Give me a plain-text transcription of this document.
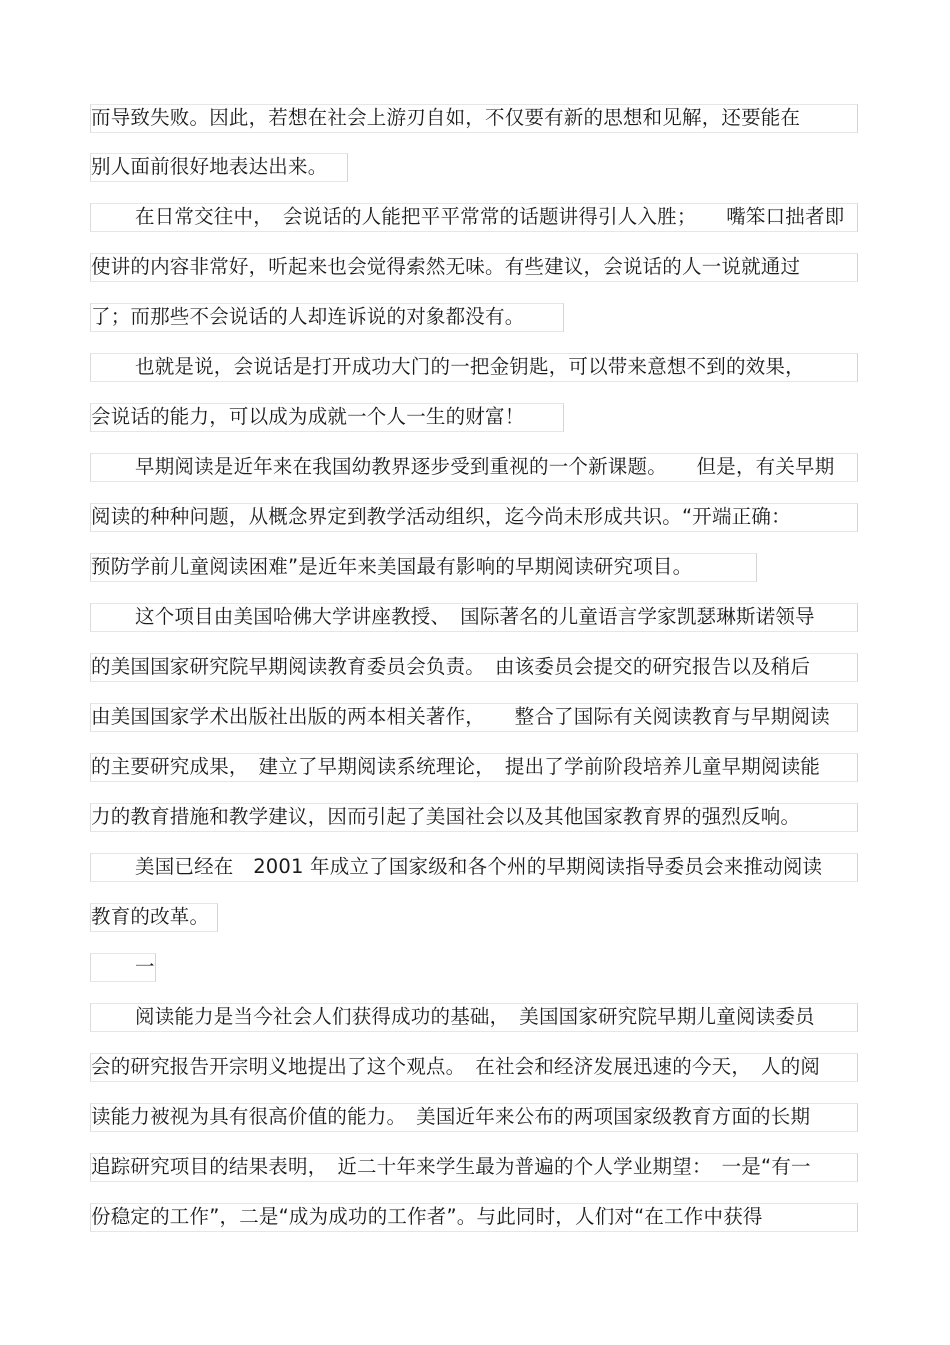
而导致失败。因此，若想在社会上游刃自如，不仅要有新的思想和见解，还要能在
别人面前很好地表达出来。
在日常交往中，　会说话的人能把平平常常的话题讲得引人入胜；　　嘴笨口拙者即
使讲的内容非常好，听起来也会觉得索然无味。有些建议，会说话的人一说就通过
了；而那些不会说话的人却连诉说的对象都没有。
也就是说，会说话是打开成功大门的一把金钥匙，可以带来意想不到的效果，
会说话的能力，可以成为成就一个人一生的财富！
早期阅读是近年来在我国幼教界逐步受到重视的一个新课题。　　但是，有关早期
阅读的种种问题，从概念界定到教学活动组织，迄今尚未形成共识。“开端正确：
预防学前儿童阅读困难”是近年来美国最有影响的早期阅读研究项目。
这个项目由美国哈佛大学讲座教授、　国际著名的儿童语言学家凯瑟琳斯诺领导
的美国国家研究院早期阅读教育委员会负责。　由该委员会提交的研究报告以及稍后
由美国国家学术出版社出版的两本相关著作，　　整合了国际有关阅读教育与早期阅读
的主要研究成果，　建立了早期阅读系统理论，　提出了学前阶段培养儿童早期阅读能
力的教育措施和教学建议，因而引起了美国社会以及其他国家教育界的强烈反响。
美国已经在　2001 年成立了国家级和各个州的早期阅读指导委员会来推动阅读
教育的改革。
一
阅读能力是当今社会人们获得成功的基础，　美国国家研究院早期儿童阅读委员
会的研究报告开宗明义地提出了这个观点。　在社会和经济发展迅速的今天，　人的阅
读能力被视为具有很高价值的能力。　美国近年来公布的两项国家级教育方面的长期
追踪研究项目的结果表明，　近二十年来学生最为普遍的个人学业期望：　一是“有一
份稳定的工作”，二是“成为成功的工作者”。与此同时，人们对“在工作中获得
